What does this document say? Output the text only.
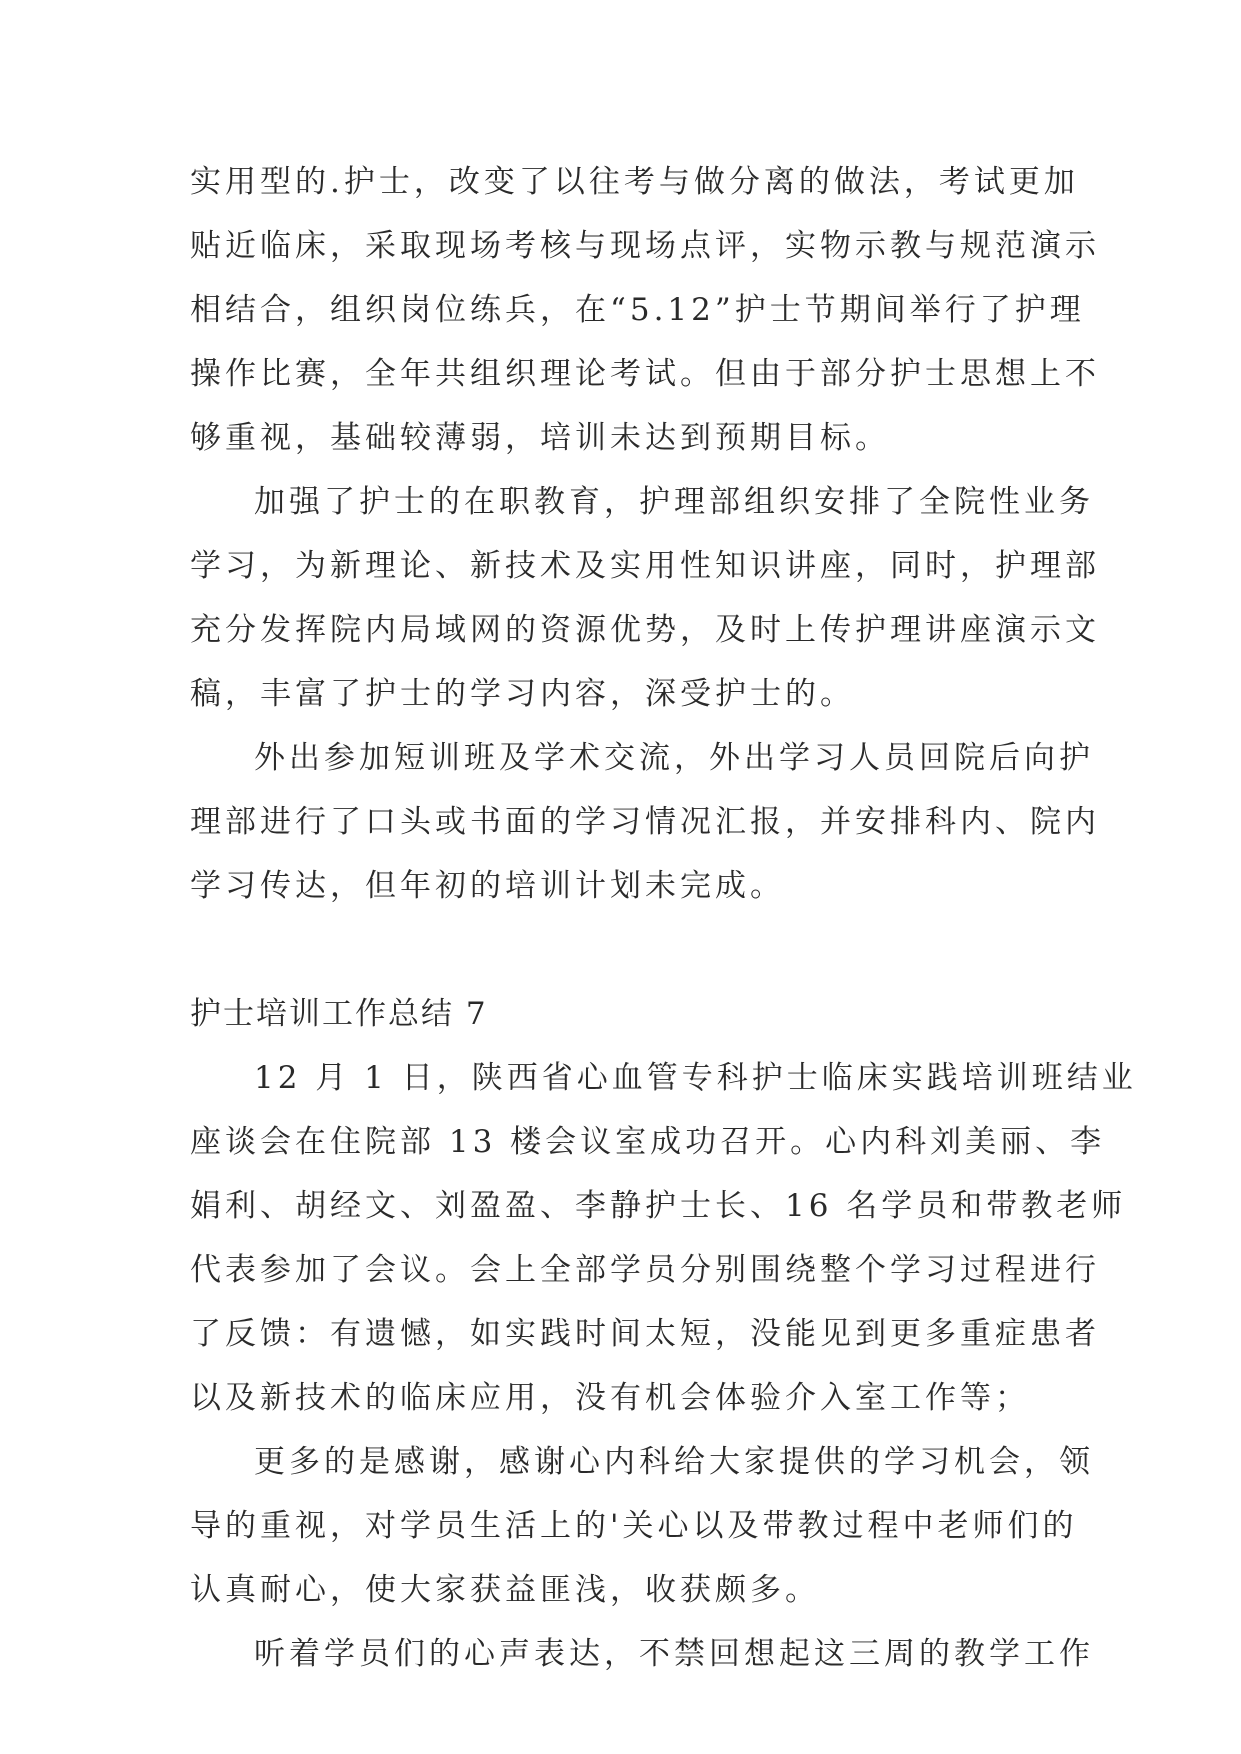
实用型的.护士，改变了以往考与做分离的做法，考试更加
贴近临床，采取现场考核与现场点评，实物示教与规范演示
相结合，组织岗位练兵，在“5.12”护士节期间举行了护理
操作比赛，全年共组织理论考试。但由于部分护士思想上不
够重视，基础较薄弱，培训未达到预期目标。
加强了护士的在职教育，护理部组织安排了全院性业务
学习，为新理论、新技术及实用性知识讲座，同时，护理部
充分发挥院内局域网的资源优势，及时上传护理讲座演示文
稿，丰富了护士的学习内容，深受护士的。
外出参加短训班及学术交流，外出学习人员回院后向护
理部进行了口头或书面的学习情况汇报，并安排科内、院内
学习传达，但年初的培训计划未完成。
护士培训工作总结 7
12 月 1 日，陕西省心血管专科护士临床实践培训班结业
座谈会在住院部 13 楼会议室成功召开。心内科刘美丽、李
娟利、胡经文、刘盈盈、李静护士长、16 名学员和带教老师
代表参加了会议。会上全部学员分别围绕整个学习过程进行
了反馈：有遗憾，如实践时间太短，没能见到更多重症患者
以及新技术的临床应用，没有机会体验介入室工作等；
更多的是感谢，感谢心内科给大家提供的学习机会，领
导的重视，对学员生活上的'关心以及带教过程中老师们的
认真耐心，使大家获益匪浅，收获颇多。
听着学员们的心声表达，不禁回想起这三周的教学工作
